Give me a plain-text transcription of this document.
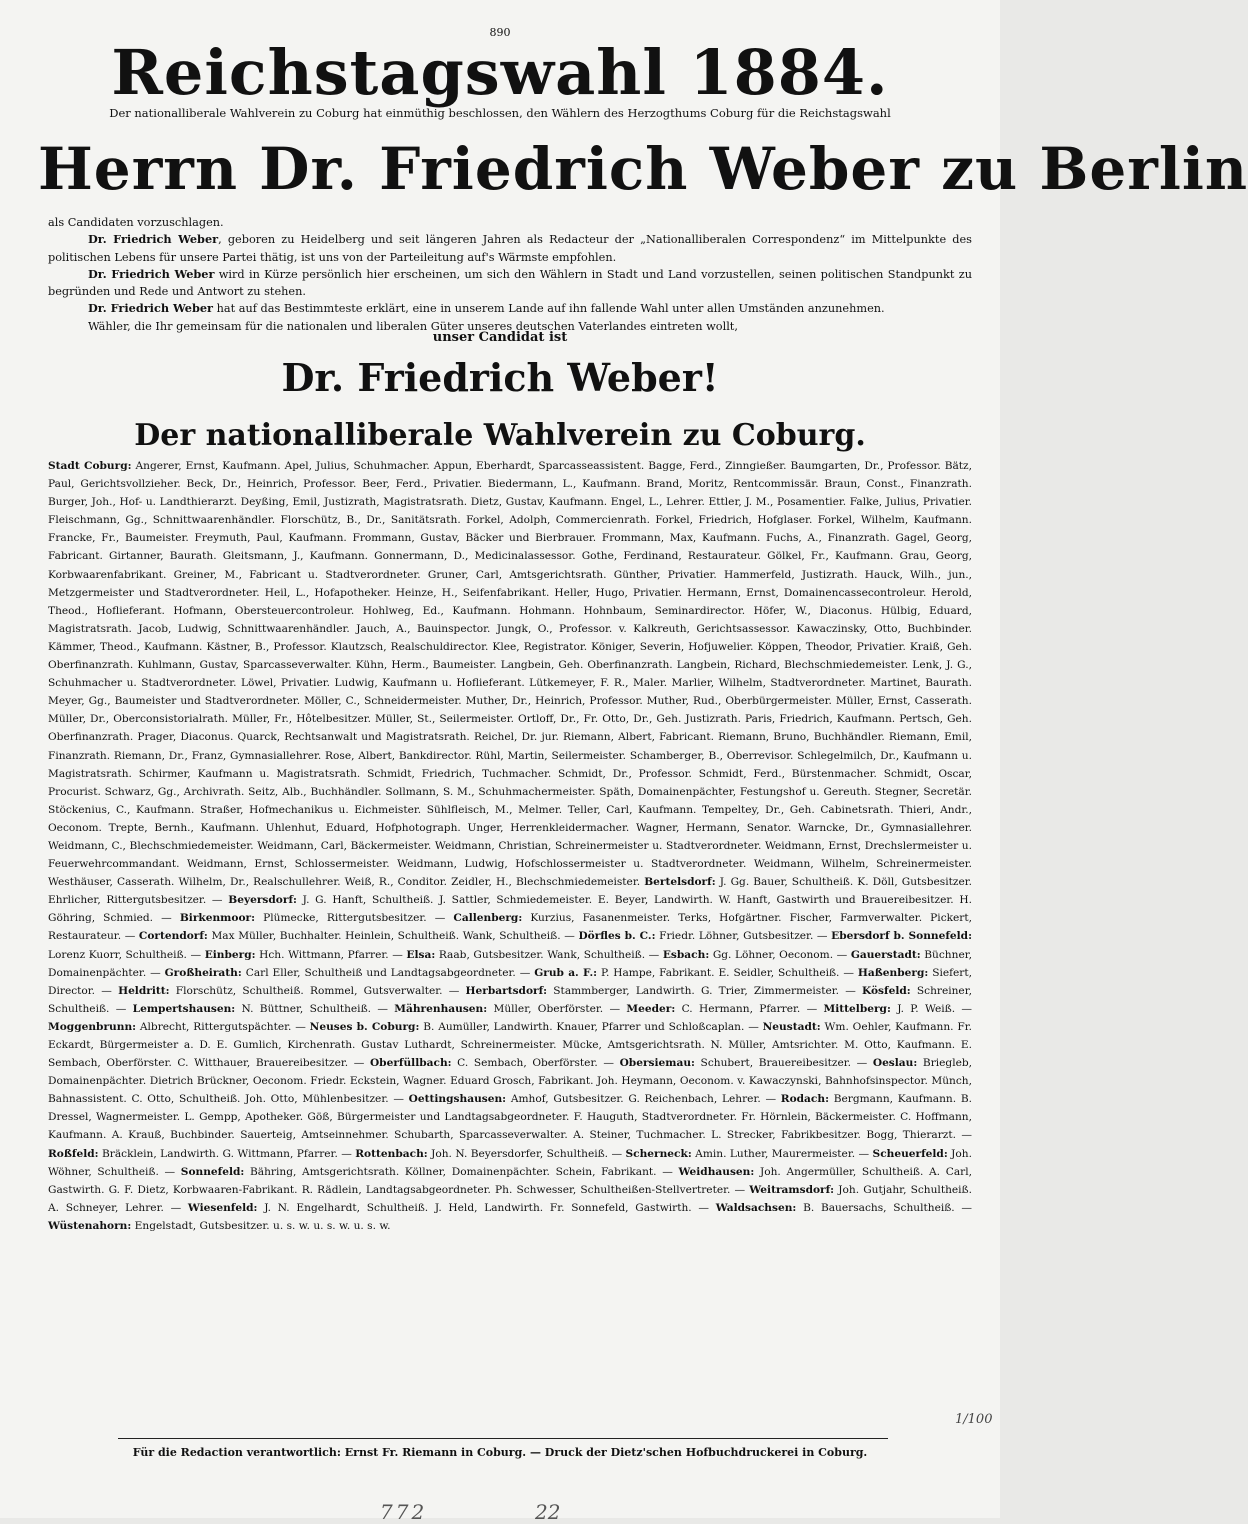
890
Reichstagswahl 1884.
Der nationalliberale Wahlverein zu Coburg hat einmüthig beschlossen, den Wählern des Herzogthums Coburg für die Reichstagswahl
Herrn Dr. Friedrich Weber zu Berlin

als Candidaten vorzuschlagen.

Dr. Friedrich Weber, geboren zu Heidelberg und seit längeren Jahren als Redacteur der „Nationalliberalen Correspondenz“ im Mittelpunkte des politischen Lebens für unsere Partei thätig, ist uns von der Parteileitung auf's Wärmste empfohlen.

Dr. Friedrich Weber wird in Kürze persönlich hier erscheinen, um sich den Wählern in Stadt und Land vorzustellen, seinen politischen Standpunkt zu begründen und Rede und Antwort zu stehen.

Dr. Friedrich Weber hat auf das Bestimmteste erklärt, eine in unserem Lande auf ihn fallende Wahl unter allen Umständen anzunehmen.

Wähler, die Ihr gemeinsam für die nationalen und liberalen Güter unseres deutschen Vaterlandes eintreten wollt,

unser Candidat ist
Dr. Friedrich Weber!
Der nationalliberale Wahlverein zu Coburg.
Stadt Coburg: Angerer, Ernst, Kaufmann. Apel, Julius, Schuhmacher. Appun, Eberhardt, Sparcasseassistent. Bagge, Ferd., Zinngießer. Baumgarten, Dr., Professor. Bätz, Paul, Gerichtsvollzieher. Beck, Dr., Heinrich, Professor. Beer, Ferd., Privatier. Biedermann, L., Kaufmann. Brand, Moritz, Rentcommissär. Braun, Const., Finanzrath. Burger, Joh., Hof- u. Landthierarzt. Deyßing, Emil, Justizrath, Magistratsrath. Dietz, Gustav, Kaufmann. Engel, L., Lehrer. Ettler, J. M., Posamentier. Falke, Julius, Privatier. Fleischmann, Gg., Schnittwaarenhändler. Florschütz, B., Dr., Sanitätsrath. Forkel, Adolph, Commercienrath. Forkel, Friedrich, Hofglaser. Forkel, Wilhelm, Kaufmann. Francke, Fr., Baumeister. Freymuth, Paul, Kaufmann. Frommann, Gustav, Bäcker und Bierbrauer. Frommann, Max, Kaufmann. Fuchs, A., Finanzrath. Gagel, Georg, Fabricant. Girtanner, Baurath. Gleitsmann, J., Kaufmann. Gonnermann, D., Medicinalassessor. Gothe, Ferdinand, Restaurateur. Gölkel, Fr., Kaufmann. Grau, Georg, Korbwaarenfabrikant. Greiner, M., Fabricant u. Stadtverordneter. Gruner, Carl, Amtsgerichtsrath. Günther, Privatier. Hammerfeld, Justizrath. Hauck, Wilh., jun., Metzgermeister und Stadtverordneter. Heil, L., Hofapotheker. Heinze, H., Seifenfabrikant. Heller, Hugo, Privatier. Hermann, Ernst, Domainencassecontroleur. Herold, Theod., Hoflieferant. Hofmann, Obersteuercontroleur. Hohlweg, Ed., Kaufmann. Hohmann. Hohnbaum, Seminardirector. Höfer, W., Diaconus. Hülbig, Eduard, Magistratsrath. Jacob, Ludwig, Schnittwaarenhändler. Jauch, A., Bauinspector. Jungk, O., Professor. v. Kalkreuth, Gerichtsassessor. Kawaczinsky, Otto, Buchbinder. Kämmer, Theod., Kaufmann. Kästner, B., Professor. Klautzsch, Realschuldirector. Klee, Registrator. Königer, Severin, Hofjuwelier. Köppen, Theodor, Privatier. Kraiß, Geh. Oberfinanzrath. Kuhlmann, Gustav, Sparcasseverwalter. Kühn, Herm., Baumeister. Langbein, Geh. Oberfinanzrath. Langbein, Richard, Blechschmiedemeister. Lenk, J. G., Schuhmacher u. Stadtverordneter. Löwel, Privatier. Ludwig, Kaufmann u. Hoflieferant. Lütkemeyer, F. R., Maler. Marlier, Wilhelm, Stadtverordneter. Martinet, Baurath. Meyer, Gg., Baumeister und Stadtverordneter. Möller, C., Schneidermeister. Muther, Dr., Heinrich, Professor. Muther, Rud., Oberbürgermeister. Müller, Ernst, Casserath. Müller, Dr., Oberconsistorialrath. Müller, Fr., Hôtelbesitzer. Müller, St., Seilermeister. Ortloff, Dr., Fr. Otto, Dr., Geh. Justizrath. Paris, Friedrich, Kaufmann. Pertsch, Geh. Oberfinanzrath. Prager, Diaconus. Quarck, Rechtsanwalt und Magistratsrath. Reichel, Dr. jur. Riemann, Albert, Fabricant. Riemann, Bruno, Buchhändler. Riemann, Emil, Finanzrath. Riemann, Dr., Franz, Gymnasiallehrer. Rose, Albert, Bankdirector. Rühl, Martin, Seilermeister. Schamberger, B., Oberrevisor. Schlegelmilch, Dr., Kaufmann u. Magistratsrath. Schirmer, Kaufmann u. Magistratsrath. Schmidt, Friedrich, Tuchmacher. Schmidt, Dr., Professor. Schmidt, Ferd., Bürstenmacher. Schmidt, Oscar, Procurist. Schwarz, Gg., Archivrath. Seitz, Alb., Buchhändler. Sollmann, S. M., Schuhmachermeister. Späth, Domainenpächter, Festungshof u. Gereuth. Stegner, Secretär. Stöckenius, C., Kaufmann. Straßer, Hofmechanikus u. Eichmeister. Sühlfleisch, M., Melmer. Teller, Carl, Kaufmann. Tempeltey, Dr., Geh. Cabinetsrath. Thieri, Andr., Oeconom. Trepte, Bernh., Kaufmann. Uhlenhut, Eduard, Hofphotograph. Unger, Herrenkleidermacher. Wagner, Hermann, Senator. Warncke, Dr., Gymnasiallehrer. Weidmann, C., Blechschmiedemeister. Weidmann, Carl, Bäckermeister. Weidmann, Christian, Schreinermeister u. Stadtverordneter. Weidmann, Ernst, Drechslermeister u. Feuerwehrcommandant. Weidmann, Ernst, Schlossermeister. Weidmann, Ludwig, Hofschlossermeister u. Stadtverordneter. Weidmann, Wilhelm, Schreinermeister. Westhäuser, Casserath. Wilhelm, Dr., Realschullehrer. Weiß, R., Conditor. Zeidler, H., Blechschmiedemeister. Bertelsdorf: J. Gg. Bauer, Schultheiß. K. Döll, Gutsbesitzer. Ehrlicher, Rittergutsbesitzer. — Beyersdorf: J. G. Hanft, Schultheiß. J. Sattler, Schmiedemeister. E. Beyer, Landwirth. W. Hanft, Gastwirth und Brauereibesitzer. H. Göhring, Schmied. — Birkenmoor: Plümecke, Rittergutsbesitzer. — Callenberg: Kurzius, Fasanenmeister. Terks, Hofgärtner. Fischer, Farmverwalter. Pickert, Restaurateur. — Cortendorf: Max Müller, Buchhalter. Heinlein, Schultheiß. Wank, Schultheiß. — Dörfles b. C.: Friedr. Löhner, Gutsbesitzer. — Ebersdorf b. Sonnefeld: Lorenz Kuorr, Schultheiß. — Einberg: Hch. Wittmann, Pfarrer. — Elsa: Raab, Gutsbesitzer. Wank, Schultheiß. — Esbach: Gg. Löhner, Oeconom. — Gauerstadt: Büchner, Domainenpächter. — Großheirath: Carl Eller, Schultheiß und Landtagsabgeordneter. — Grub a. F.: P. Hampe, Fabrikant. E. Seidler, Schultheiß. — Haßenberg: Siefert, Director. — Heldritt: Florschütz, Schultheiß. Rommel, Gutsverwalter. — Herbartsdorf: Stammberger, Landwirth. G. Trier, Zimmermeister. — Kösfeld: Schreiner, Schultheiß. — Lempertshausen: N. Büttner, Schultheiß. — Mährenhausen: Müller, Oberförster. — Meeder: C. Hermann, Pfarrer. — Mittelberg: J. P. Weiß. — Moggenbrunn: Albrecht, Rittergutspächter. — Neuses b. Coburg: B. Aumüller, Landwirth. Knauer, Pfarrer und Schloßcaplan. — Neustadt: Wm. Oehler, Kaufmann. Fr. Eckardt, Bürgermeister a. D. E. Gumlich, Kirchenrath. Gustav Luthardt, Schreinermeister. Mücke, Amtsgerichtsrath. N. Müller, Amtsrichter. M. Otto, Kaufmann. E. Sembach, Oberförster. C. Witthauer, Brauereibesitzer. — Oberfüllbach: C. Sembach, Oberförster. — Obersiemau: Schubert, Brauereibesitzer. — Oeslau: Brieglеb, Domainenpächter. Dietrich Brückner, Oeconom. Friedr. Eckstein, Wagner. Eduard Grosch, Fabrikant. Joh. Heymann, Oeconom. v. Kawaczynski, Bahnhofsinspector. Münch, Bahnassistent. C. Otto, Schultheiß. Joh. Otto, Mühlenbesitzer. — Oettingshausen: Amhof, Gutsbesitzer. G. Reichenbach, Lehrer. — Rodach: Bergmann, Kaufmann. B. Dressel, Wagnermeister. L. Gempp, Apotheker. Göß, Bürgermeister und Landtagsabgeordneter. F. Hauguth, Stadtverordneter. Fr. Hörnlein, Bäckermeister. C. Hoffmann, Kaufmann. A. Krauß, Buchbinder. Sauerteig, Amtseinnehmer. Schubarth, Sparcasseverwalter. A. Steiner, Tuchmacher. L. Strecker, Fabrikbesitzer. Bogg, Thierarzt. — Roßfeld: Bräcklein, Landwirth. G. Wittmann, Pfarrer. — Rottenbach: Joh. N. Beyersdorfer, Schultheiß. — Scherneck: Amin. Luther, Maurermeister. — Scheuerfeld: Joh. Wöhner, Schultheiß. — Sonnefeld: Bähring, Amtsgerichtsrath. Köllner, Domainenpächter. Schein, Fabrikant. — Weidhausen: Joh. Angermüller, Schultheiß. A. Carl, Gastwirth. G. F. Dietz, Korbwaaren-Fabrikant. R. Rädlein, Landtagsabgeordneter. Ph. Schwesser, Schultheißen-Stellvertreter. — Weitramsdorf: Joh. Gutjahr, Schultheiß. A. Schneyer, Lehrer. — Wiesenfeld: J. N. Engelhardt, Schultheiß. J. Held, Landwirth. Fr. Sonnefeld, Gastwirth. — Waldsachsen: B. Bauersachs, Schultheiß. — Wüstenahorn: Engelstadt, Gutsbesitzer. u. s. w. u. s. w. u. s. w.
Für die Redaction verantwortlich: Ernst Fr. Riemann in Coburg. — Druck der Dietz'schen Hofbuchdruckerei in Coburg.
1/100
772	22
